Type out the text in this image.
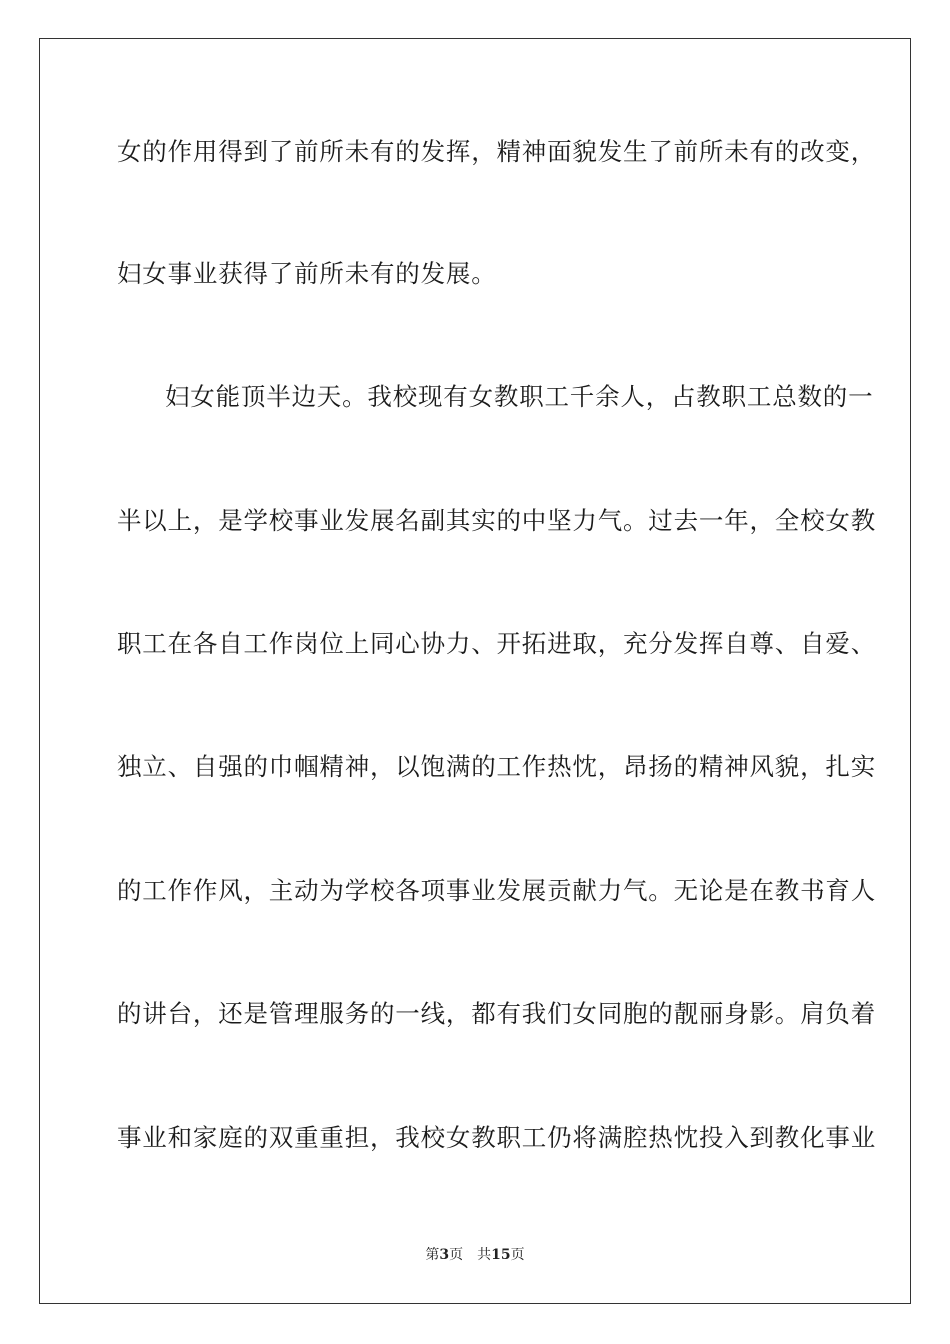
女的作用得到了前所未有的发挥，精神面貌发生了前所未有的改变，
妇女事业获得了前所未有的发展。
妇女能顶半边天。我校现有女教职工千余人，占教职工总数的一
半以上，是学校事业发展名副其实的中坚力气。过去一年，全校女教
职工在各自工作岗位上同心协力、开拓进取，充分发挥自尊、自爱、
独立、自强的巾帼精神，以饱满的工作热忱，昂扬的精神风貌，扎实
的工作作风，主动为学校各项事业发展贡献力气。无论是在教书育人
的讲台，还是管理服务的一线，都有我们女同胞的靓丽身影。肩负着
事业和家庭的双重重担，我校女教职工仍将满腔热忱投入到教化事业
第3页 共15页
